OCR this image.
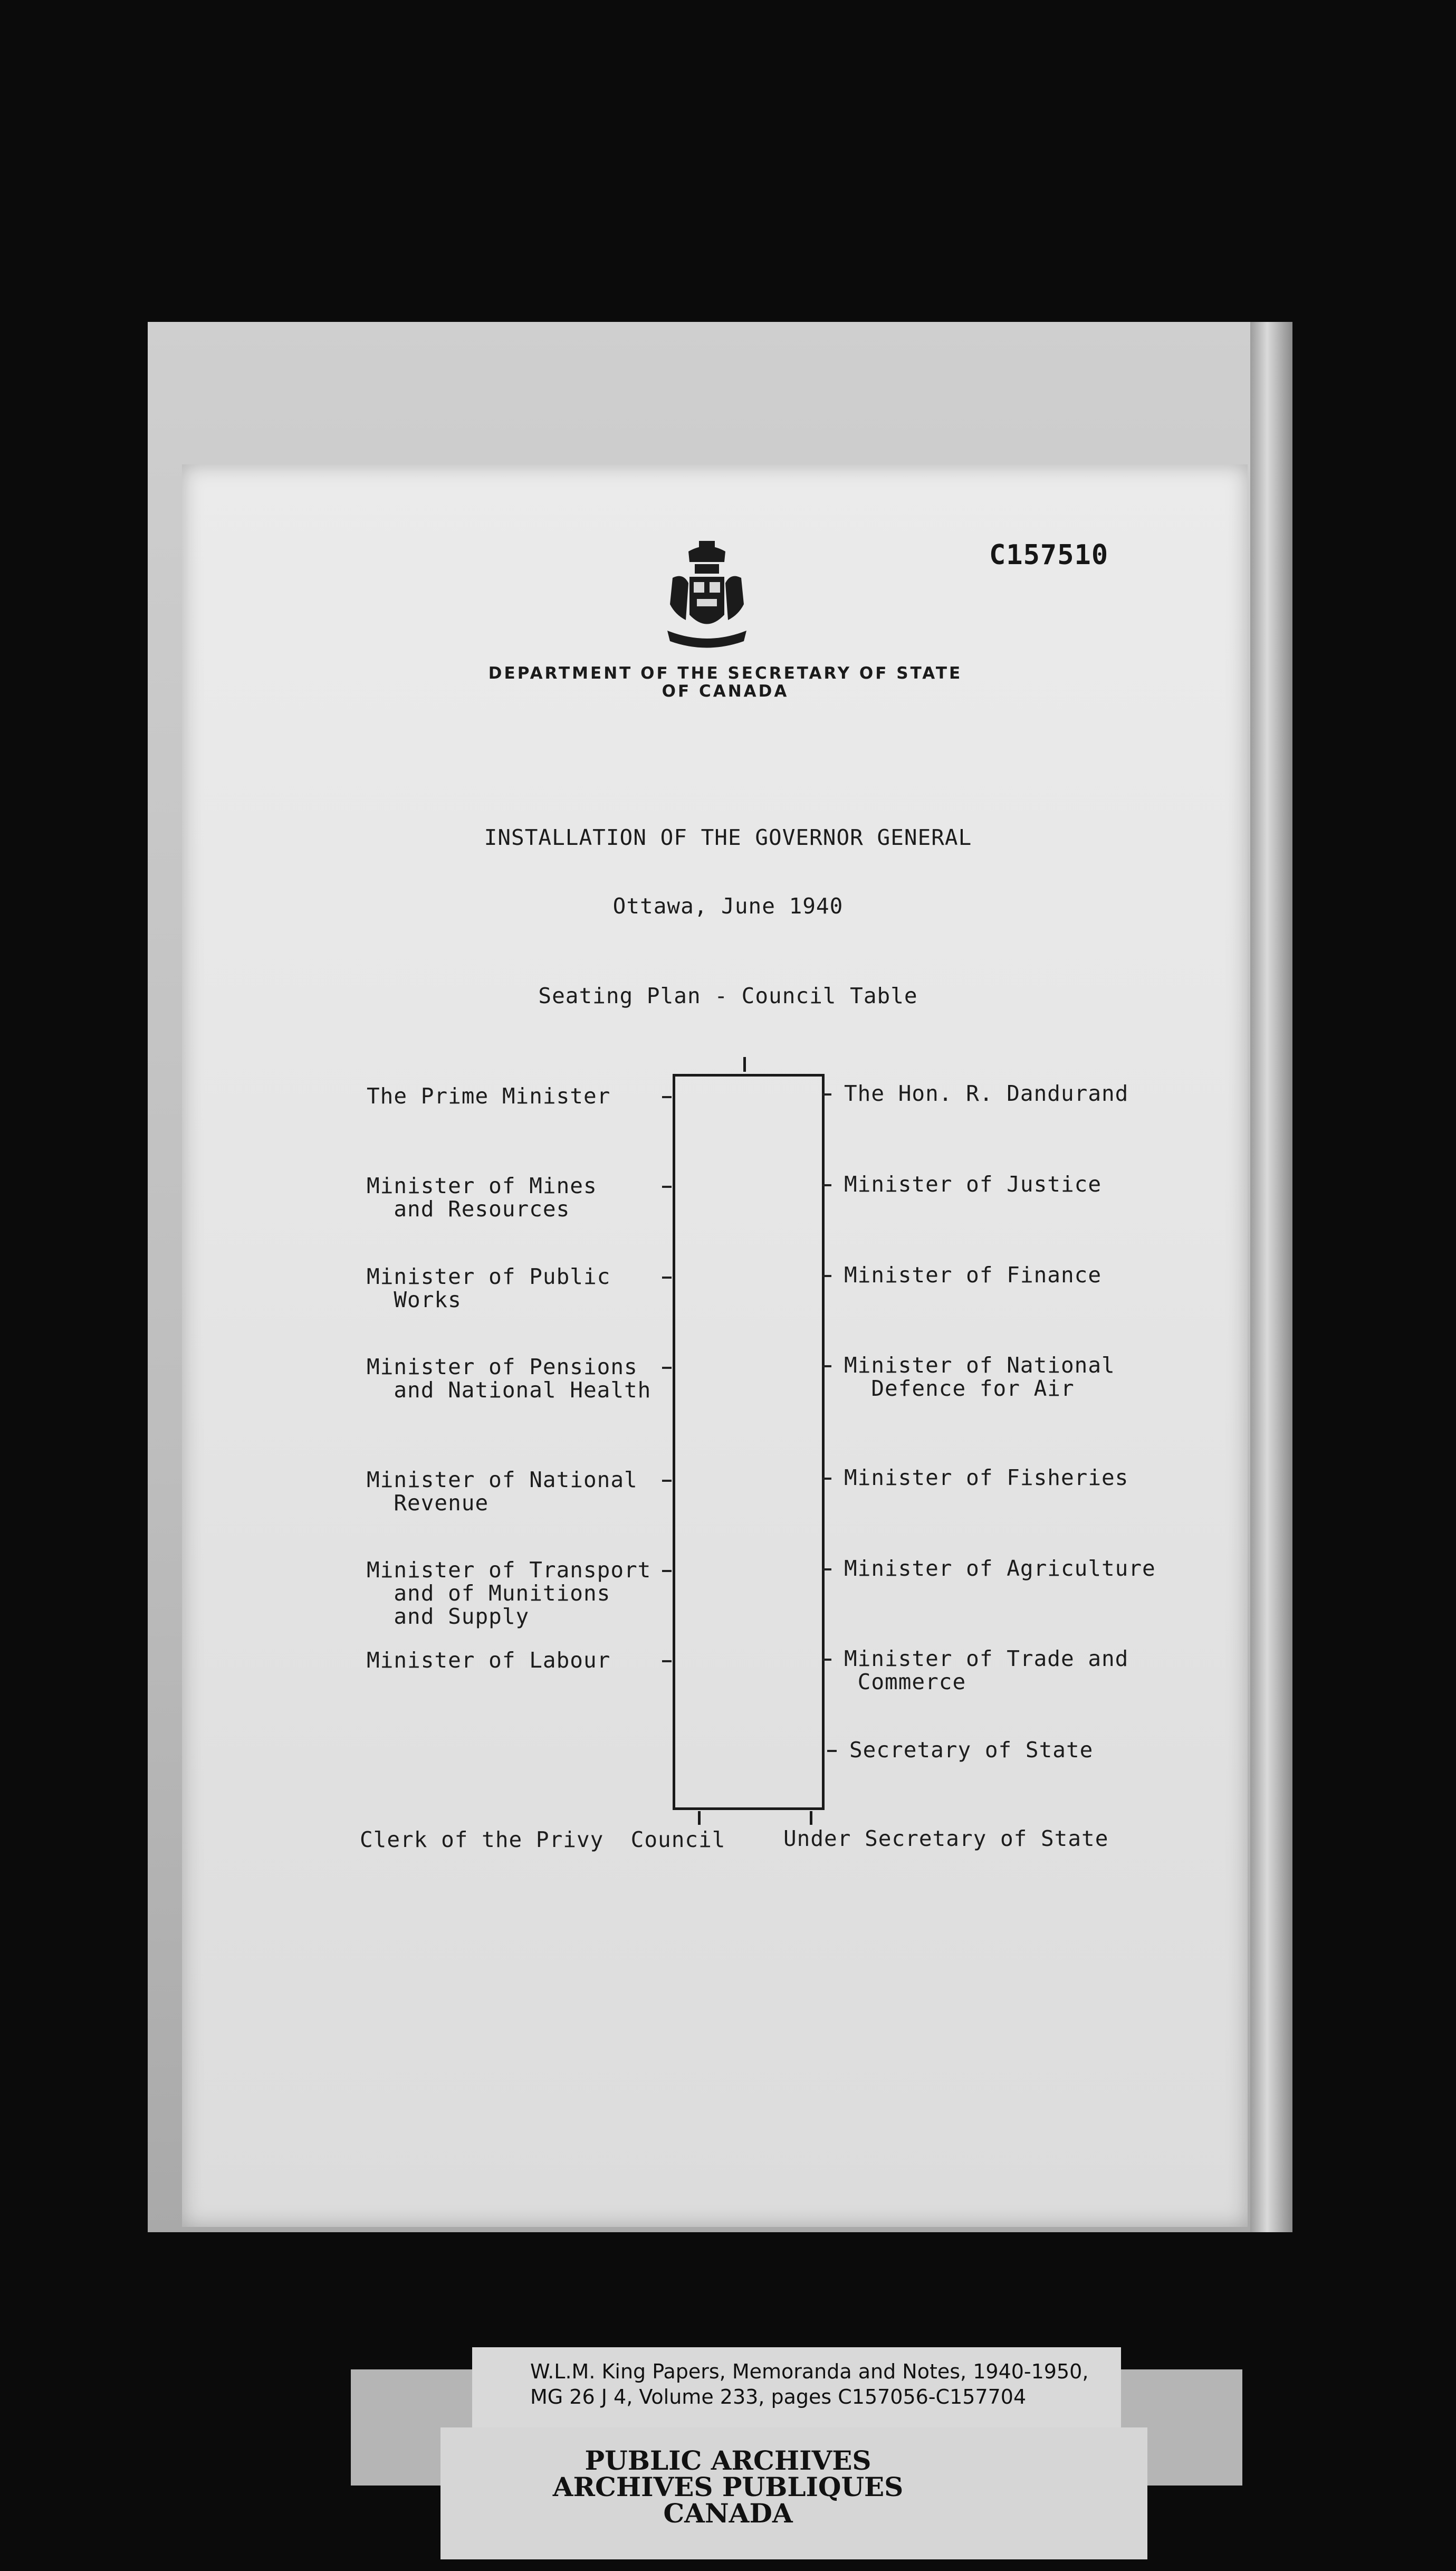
C157510
DEPARTMENT OF THE SECRETARY OF STATE
OF CANADA
INSTALLATION OF THE GOVERNOR GENERAL
Ottawa, June 1940
Seating Plan - Council Table
The Prime Minister
Minister of Mines
and Resources
Minister of Public
Works
Minister of Pensions
and National Health
Minister of National
Revenue
Minister of Transport
and of Munitions
and Supply
Minister of Labour
The Hon. R. Dandurand
Minister of Justice
Minister of Finance
Minister of National
Defence for Air
Minister of Fisheries
Minister of Agriculture
Minister of Trade and
Commerce
Secretary of State
Clerk of the Privy  Council	Under Secretary of State
W.L.M. King Papers, Memoranda and Notes, 1940-1950,
MG 26 J 4, Volume 233, pages C157056-C157704
PUBLIC ARCHIVES
ARCHIVES PUBLIQUES
CANADA
